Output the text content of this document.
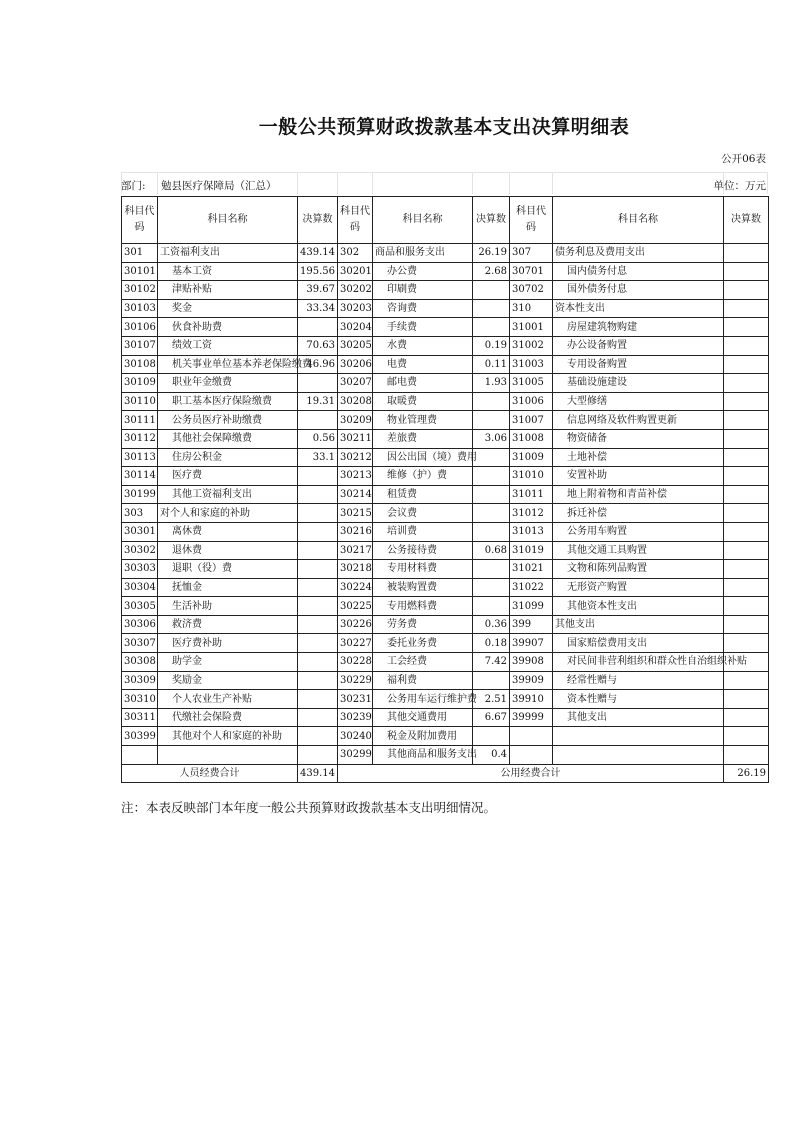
一般公共预算财政拨款基本支出决算明细表
公开06表
部门: 勉县医疗保障局（汇总）	单位：万元
科目代码	科目名称	决算数	科目代码	科目名称	决算数	科目代码	科目名称	决算数
301	工资福利支出	439.14	302	商品和服务支出	26.19	307	债务利息及费用支出	
30101	基本工资	195.56	30201	办公费	2.68	30701	国内债务付息	
30102	津贴补贴	39.67	30202	印刷费		30702	国外债务付息	
30103	奖金	33.34	30203	咨询费		310	资本性支出	
30106	伙食补助费		30204	手续费		31001	房屋建筑物购建	
30107	绩效工资	70.63	30205	水费	0.19	31002	办公设备购置	
30108	机关事业单位基本养老保险缴费	46.96	30206	电费	0.11	31003	专用设备购置	
30109	职业年金缴费		30207	邮电费	1.93	31005	基础设施建设	
30110	职工基本医疗保险缴费	19.31	30208	取暖费		31006	大型修缮	
30111	公务员医疗补助缴费		30209	物业管理费		31007	信息网络及软件购置更新	
30112	其他社会保障缴费	0.56	30211	差旅费	3.06	31008	物资储备	
30113	住房公积金	33.1	30212	因公出国（境）费用		31009	土地补偿	
30114	医疗费		30213	维修（护）费		31010	安置补助	
30199	其他工资福利支出		30214	租赁费		31011	地上附着物和青苗补偿	
303	对个人和家庭的补助		30215	会议费		31012	拆迁补偿	
30301	离休费		30216	培训费		31013	公务用车购置	
30302	退休费		30217	公务接待费	0.68	31019	其他交通工具购置	
30303	退职（役）费		30218	专用材料费		31021	文物和陈列品购置	
30304	抚恤金		30224	被装购置费		31022	无形资产购置	
30305	生活补助		30225	专用燃料费		31099	其他资本性支出	
30306	救济费		30226	劳务费	0.36	399	其他支出	
30307	医疗费补助		30227	委托业务费	0.18	39907	国家赔偿费用支出	
30308	助学金		30228	工会经费	7.42	39908	对民间非营利组织和群众性自治组织补贴	
30309	奖励金		30229	福利费		39909	经常性赠与	
30310	个人农业生产补贴		30231	公务用车运行维护费	2.51	39910	资本性赠与	
30311	代缴社会保险费		30239	其他交通费用	6.67	39999	其他支出	
30399	其他对个人和家庭的补助		30240	税金及附加费用				
			30299	其他商品和服务支出	0.4			
人员经费合计		439.14	公用经费合计					26.19
注：本表反映部门本年度一般公共预算财政拨款基本支出明细情况。
